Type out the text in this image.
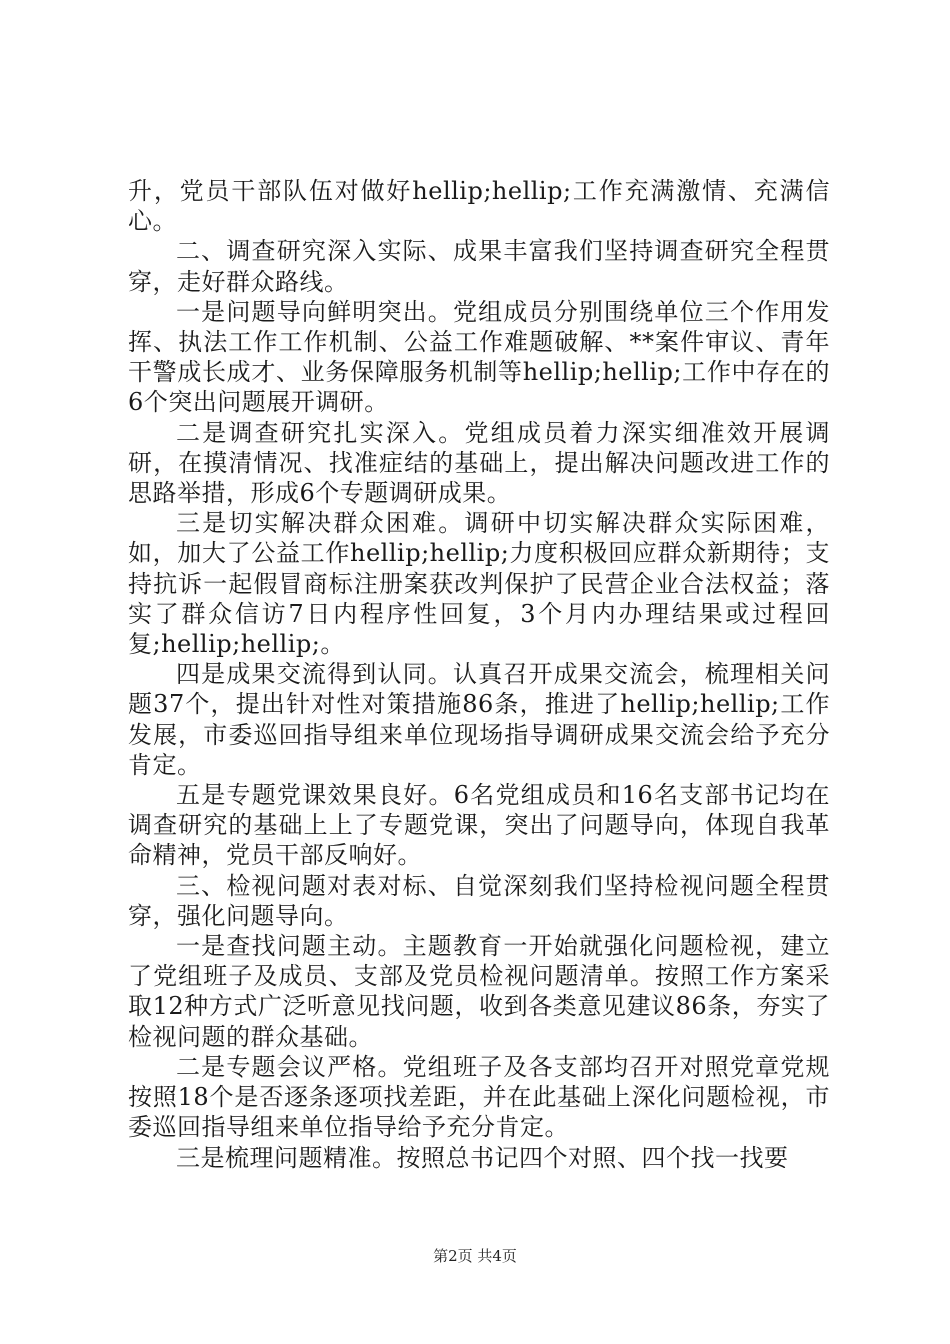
升，党员干部队伍对做好hellip;hellip;工作充满激情、充满信心。

二、调查研究深入实际、成果丰富我们坚持调查研究全程贯穿，走好群众路线。

一是问题导向鲜明突出。党组成员分别围绕单位三个作用发挥、执法工作工作机制、公益工作难题破解、**案件审议、青年干警成长成才、业务保障服务机制等hellip;hellip;工作中存在的6个突出问题展开调研。

二是调查研究扎实深入。党组成员着力深实细准效开展调研，在摸清情况、找准症结的基础上，提出解决问题改进工作的思路举措，形成6个专题调研成果。

三是切实解决群众困难。调研中切实解决群众实际困难，如，加大了公益工作hellip;hellip;力度积极回应群众新期待；支持抗诉一起假冒商标注册案获改判保护了民营企业合法权益；落实了群众信访7日内程序性回复，3个月内办理结果或过程回复;hellip;hellip;。

四是成果交流得到认同。认真召开成果交流会，梳理相关问题37个，提出针对性对策措施86条，推进了hellip;hellip;工作发展，市委巡回指导组来单位现场指导调研成果交流会给予充分肯定。

五是专题党课效果良好。6名党组成员和16名支部书记均在调查研究的基础上上了专题党课，突出了问题导向，体现自我革命精神，党员干部反响好。

三、检视问题对表对标、自觉深刻我们坚持检视问题全程贯穿，强化问题导向。

一是查找问题主动。主题教育一开始就强化问题检视，建立了党组班子及成员、支部及党员检视问题清单。按照工作方案采取12种方式广泛听意见找问题，收到各类意见建议86条，夯实了检视问题的群众基础。

二是专题会议严格。党组班子及各支部均召开对照党章党规按照18个是否逐条逐项找差距，并在此基础上深化问题检视，市委巡回指导组来单位指导给予充分肯定。

三是梳理问题精准。按照总书记四个对照、四个找一找要

第2页 共4页
